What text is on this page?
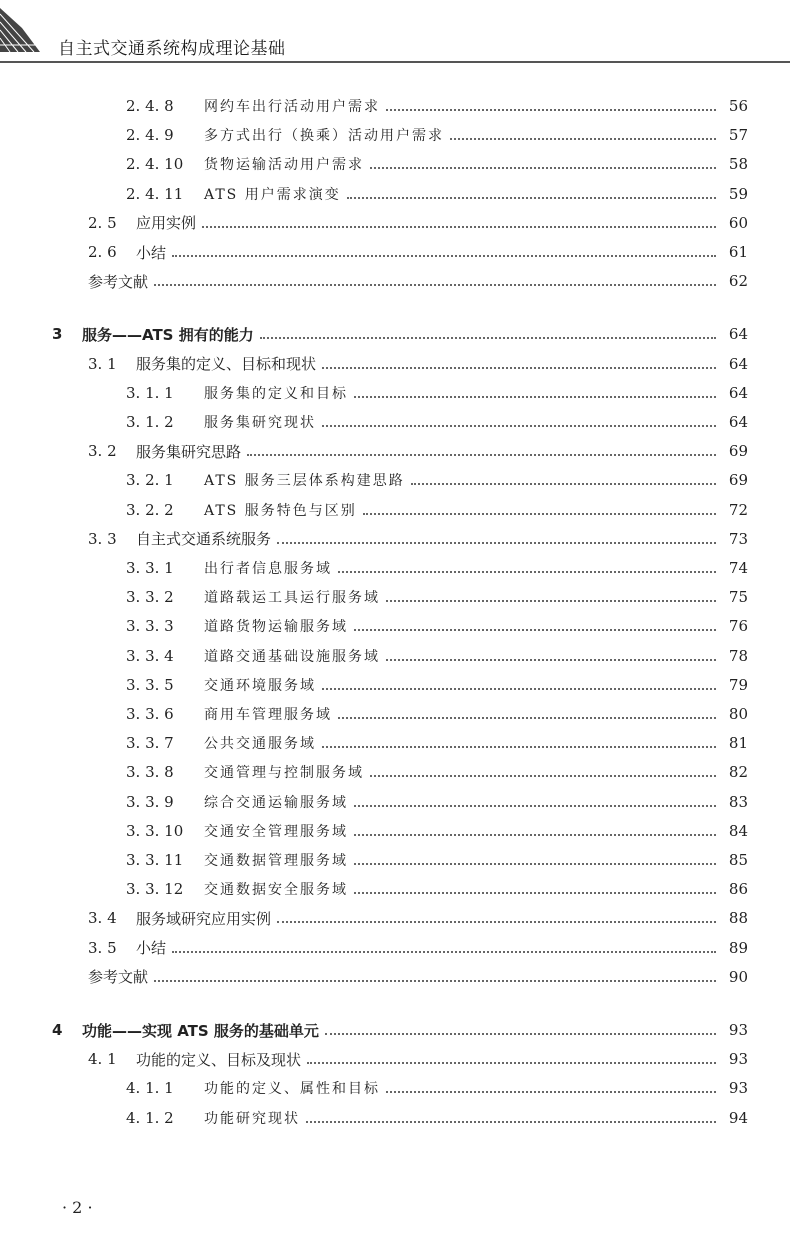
自主式交通系统构成理论基础
2. 4. 8	网约车出行活动用户需求	56
2. 4. 9	多方式出行（换乘）活动用户需求	57
2. 4. 10	货物运输活动用户需求	58
2. 4. 11	ATS 用户需求演变	59
2. 5	应用实例	60
2. 6	小结	61
参考文献	62
3	服务——ATS 拥有的能力	64
3. 1	服务集的定义、目标和现状	64
3. 1. 1	服务集的定义和目标	64
3. 1. 2	服务集研究现状	64
3. 2	服务集研究思路	69
3. 2. 1	ATS 服务三层体系构建思路	69
3. 2. 2	ATS 服务特色与区别	72
3. 3	自主式交通系统服务	73
3. 3. 1	出行者信息服务域	74
3. 3. 2	道路载运工具运行服务域	75
3. 3. 3	道路货物运输服务域	76
3. 3. 4	道路交通基础设施服务域	78
3. 3. 5	交通环境服务域	79
3. 3. 6	商用车管理服务域	80
3. 3. 7	公共交通服务域	81
3. 3. 8	交通管理与控制服务域	82
3. 3. 9	综合交通运输服务域	83
3. 3. 10	交通安全管理服务域	84
3. 3. 11	交通数据管理服务域	85
3. 3. 12	交通数据安全服务域	86
3. 4	服务域研究应用实例	88
3. 5	小结	89
参考文献	90
4	功能——实现 ATS 服务的基础单元	93
4. 1	功能的定义、目标及现状	93
4. 1. 1	功能的定义、属性和目标	93
4. 1. 2	功能研究现状	94
· 2 ·
